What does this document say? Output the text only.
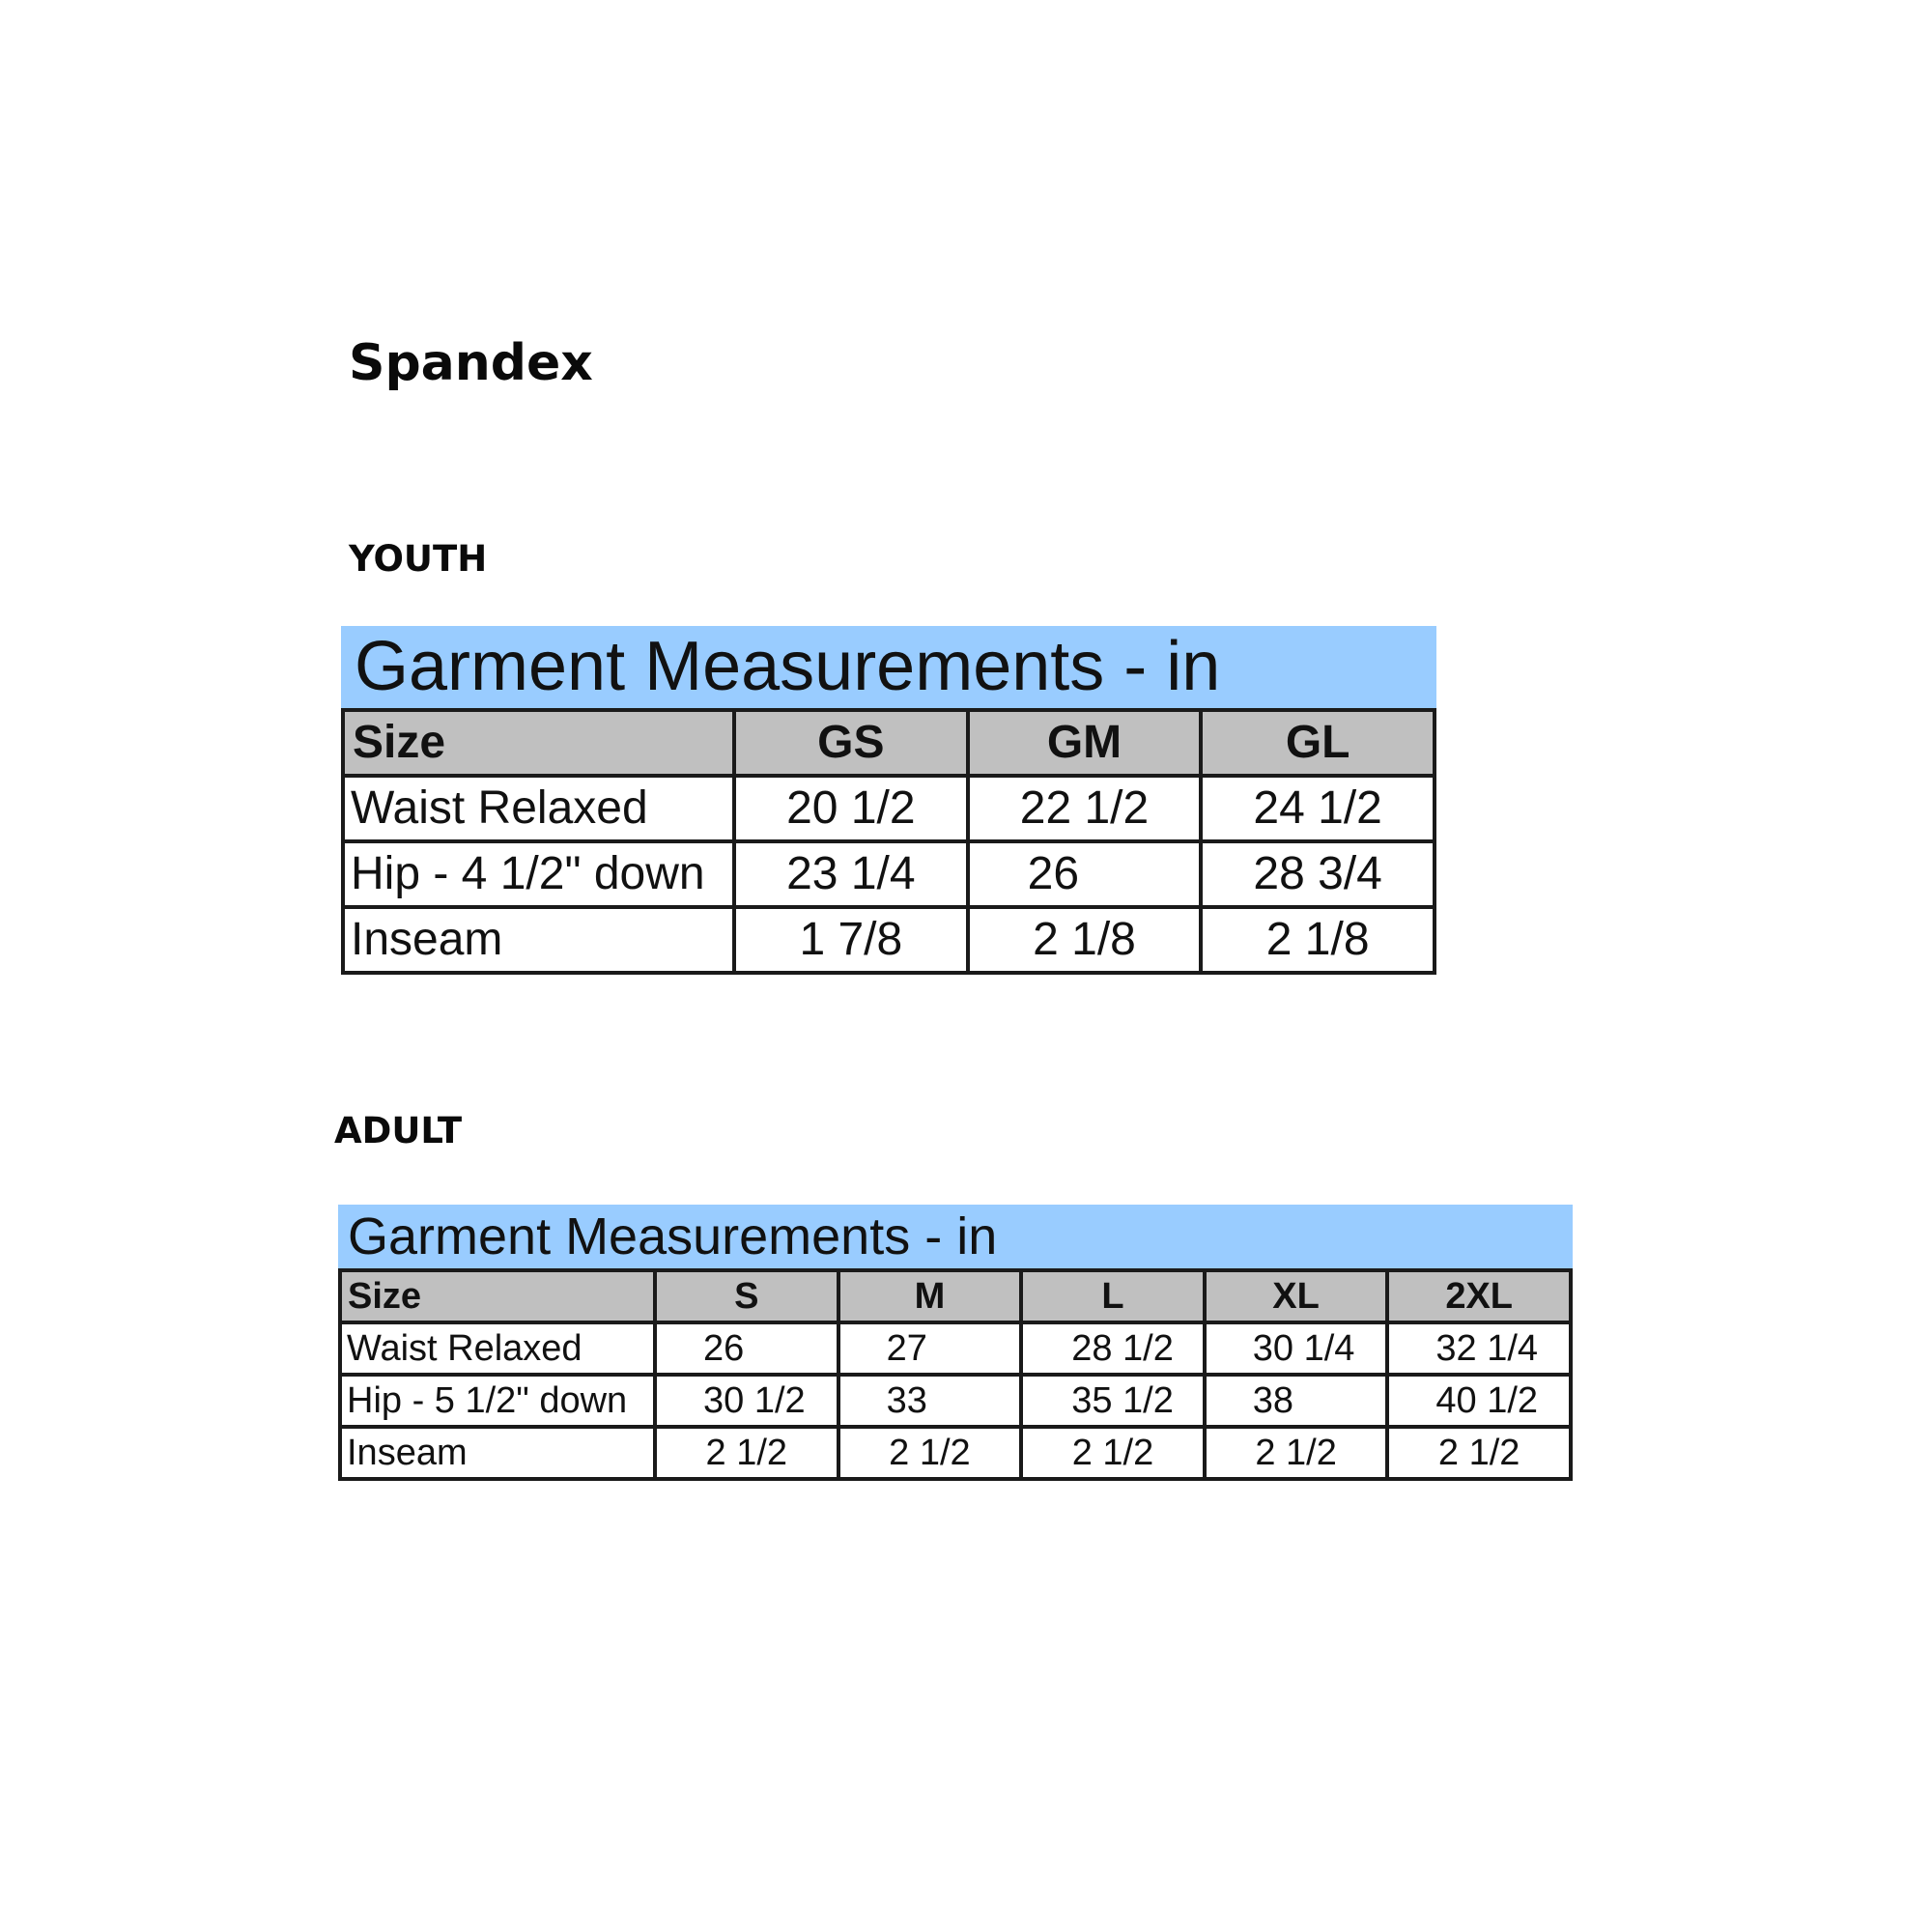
Spandex
YOUTH
Garment Measurements - in
Size	GS	GM	GL
Waist Relaxed	20 1/2	22 1/2	24 1/2
Hip - 4 1/2" down	23 1/4	26	28 3/4
Inseam	1 7/8	2 1/8	2 1/8
ADULT
Garment Measurements - in
Size	S	M	L	XL	2XL
Waist Relaxed	26	27	28 1/2	30 1/4	32 1/4
Hip - 5 1/2" down	30 1/2	33	35 1/2	38	40 1/2
Inseam	2 1/2	2 1/2	2 1/2	2 1/2	2 1/2
